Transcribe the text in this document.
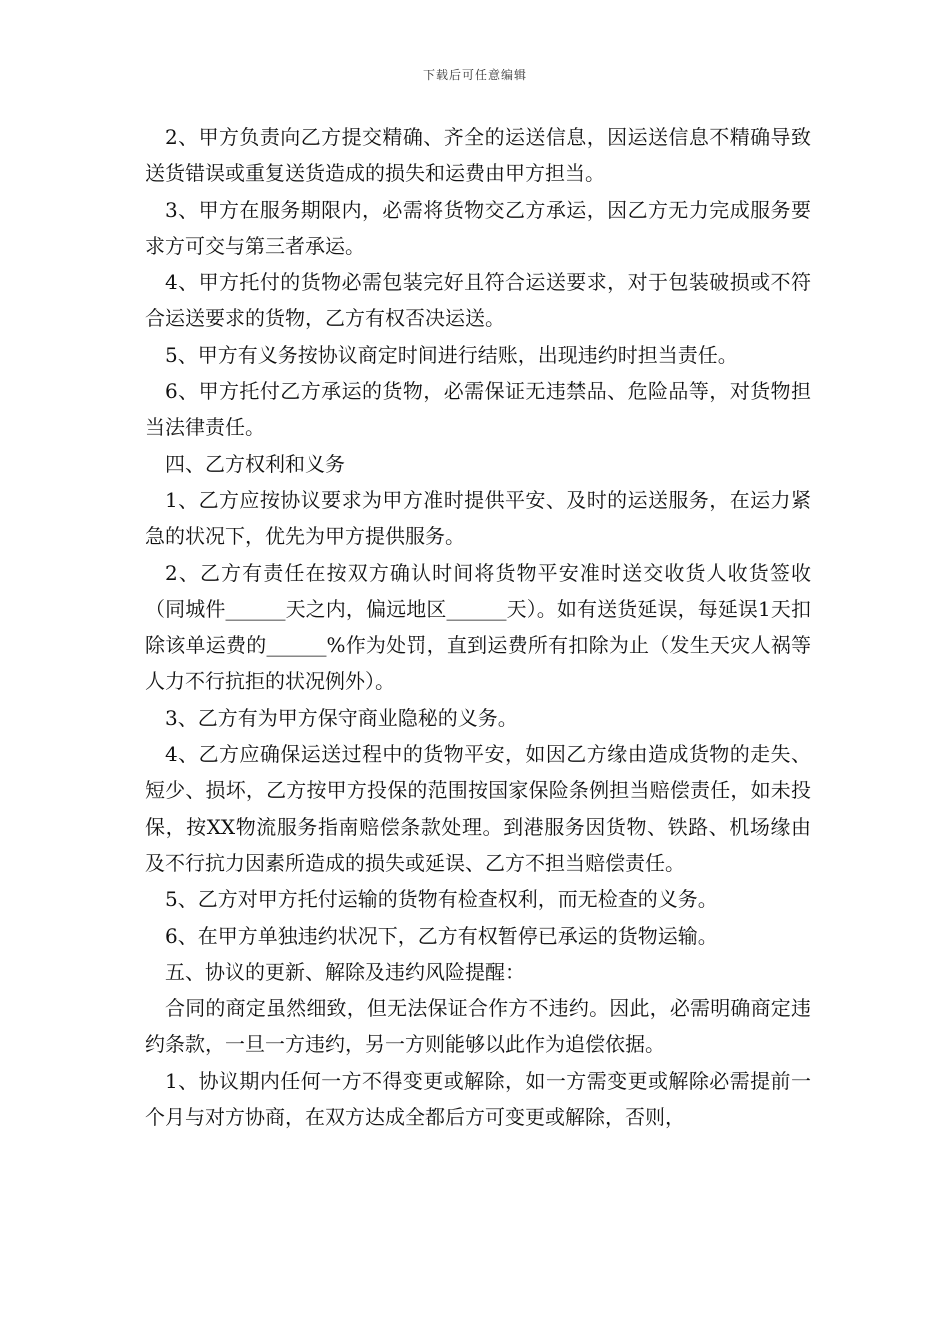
下载后可任意编辑

2、甲方负责向乙方提交精确、齐全的运送信息，因运送信息不精确导致送货错误或重复送货造成的损失和运费由甲方担当。

3、甲方在服务期限内，必需将货物交乙方承运，因乙方无力完成服务要求方可交与第三者承运。

4、甲方托付的货物必需包装完好且符合运送要求，对于包装破损或不符合运送要求的货物，乙方有权否决运送。

5、甲方有义务按协议商定时间进行结账，出现违约时担当责任。

6、甲方托付乙方承运的货物，必需保证无违禁品、危险品等，对货物担当法律责任。

四、乙方权利和义务

1、乙方应按协议要求为甲方准时提供平安、及时的运送服务，在运力紧急的状况下，优先为甲方提供服务。

2、乙方有责任在按双方确认时间将货物平安准时送交收货人收货签收（同城件______天之内，偏远地区______天）。如有送货延误，每延误1天扣除该单运费的______%作为处罚，直到运费所有扣除为止（发生天灾人祸等人力不行抗拒的状况例外）。

3、乙方有为甲方保守商业隐秘的义务。

4、乙方应确保运送过程中的货物平安，如因乙方缘由造成货物的走失、短少、损坏，乙方按甲方投保的范围按国家保险条例担当赔偿责任，如未投保，按XX物流服务指南赔偿条款处理。到港服务因货物、铁路、机场缘由及不行抗力因素所造成的损失或延误、乙方不担当赔偿责任。

5、乙方对甲方托付运输的货物有检查权利，而无检查的义务。

6、在甲方单独违约状况下，乙方有权暂停已承运的货物运输。

五、协议的更新、解除及违约风险提醒：

合同的商定虽然细致，但无法保证合作方不违约。因此，必需明确商定违约条款，一旦一方违约，另一方则能够以此作为追偿依据。

1、协议期内任何一方不得变更或解除，如一方需变更或解除必需提前一个月与对方协商，在双方达成全都后方可变更或解除，否则，
